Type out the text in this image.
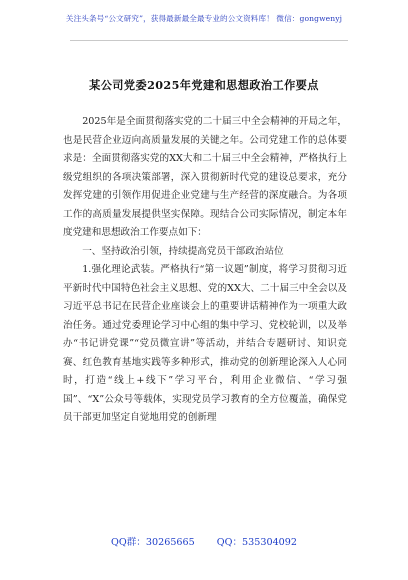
关注头条号“公文研究”，获得最新最全最专业的公文资料库！ 微信：gongwenyj
某公司党委2025年党建和思想政治工作要点

2025年是全面贯彻落实党的二十届三中全会精神的开局之年，也是民营企业迈向高质量发展的关键之年。公司党建工作的总体要求是：全面贯彻落实党的XX大和二十届三中全会精神，严格执行上级党组织的各项决策部署，深入贯彻新时代党的建设总要求，充分发挥党建的引领作用促进企业党建与生产经营的深度融合。为各项工作的高质量发展提供坚实保障。现结合公司实际情况，制定本年度党建和思想政治工作要点如下：

一、坚持政治引领，持续提高党员干部政治站位

1.强化理论武装。严格执行“第一议题”制度，将学习贯彻习近平新时代中国特色社会主义思想、党的XX大、二十届三中全会以及习近平总书记在民营企业座谈会上的重要讲话精神作为一项重大政治任务。通过党委理论学习中心组的集中学习、党校轮训，以及举办“书记讲党课”“党员微宣讲”等活动，并结合专题研讨、知识竞赛、红色教育基地实践等多种形式，推动党的创新理论深入人心同时，打造“线上+线下”学习平台，利用企业微信、“学习强国”、“X”公众号等载体，实现党员学习教育的全方位覆盖，确保党员干部更加坚定自觉地用党的创新理

QQ群：30265665 QQ：535304092
